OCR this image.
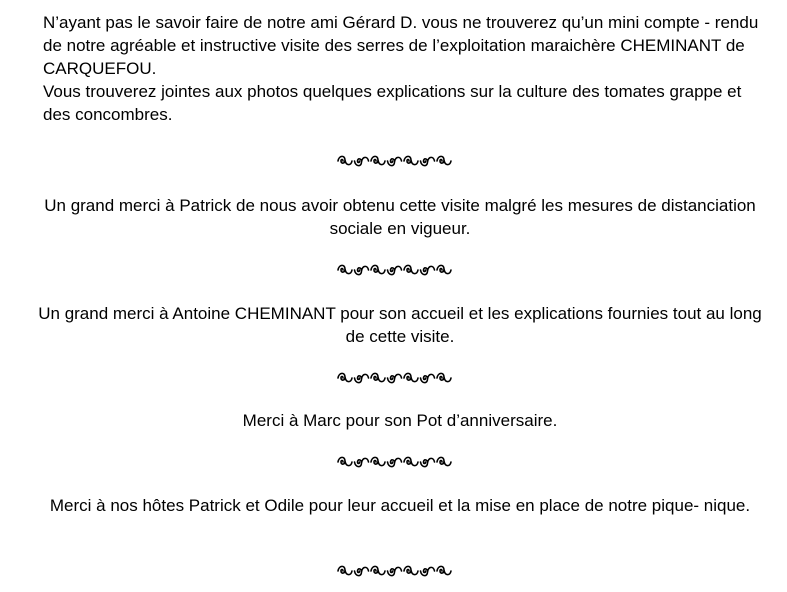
N’ayant pas le savoir faire de notre ami Gérard D. vous ne trouverez qu’un mini compte - rendu de notre agréable et instructive visite des serres de l’exploitation maraichère CHEMINANT de CARQUEFOU.

Vous trouverez jointes aux photos quelques explications sur la culture des tomates grappe et des concombres.

Un grand merci à Patrick de nous avoir obtenu cette visite malgré les mesures de distanciation sociale en vigueur.

Un grand merci à Antoine CHEMINANT pour son accueil et les explications fournies tout au long de cette visite.

Merci à Marc pour son Pot d’anniversaire.

Merci à nos hôtes Patrick et Odile pour leur accueil et la mise en place de notre pique- nique.
